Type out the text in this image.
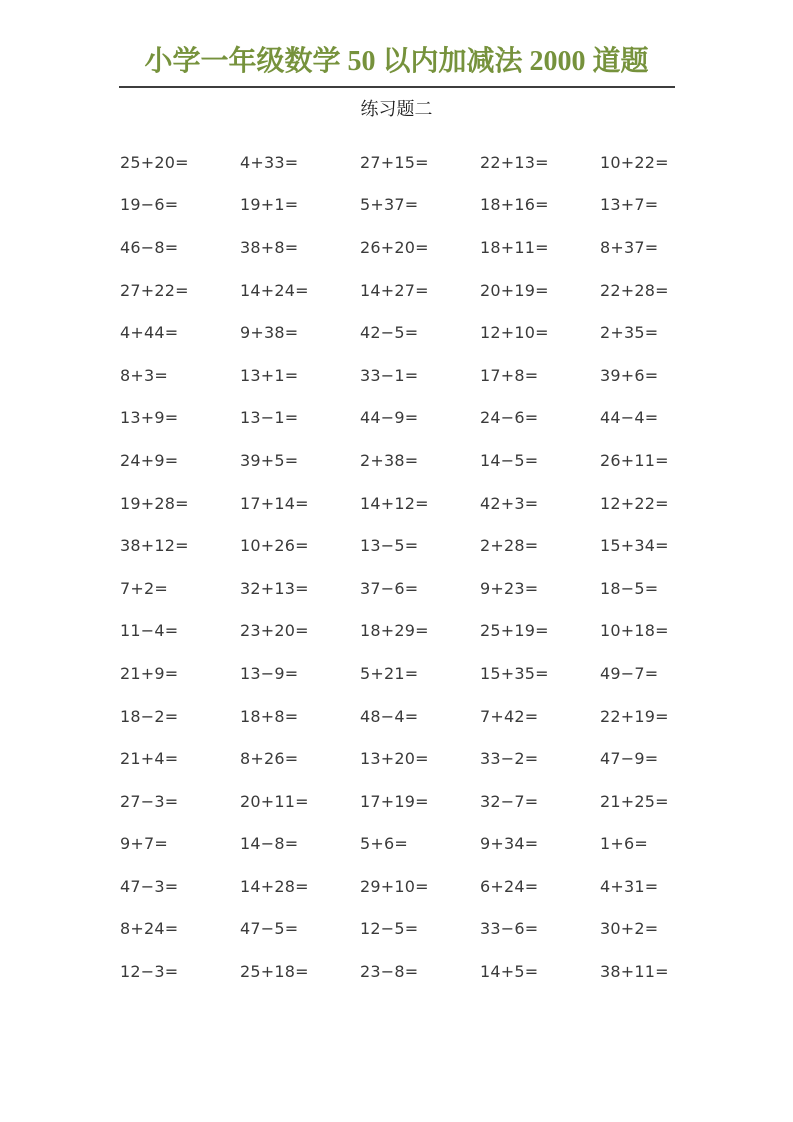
小学一年级数学 50 以内加减法 2000 道题
练习题二
25+20=	4+33=	27+15=	22+13=	10+22=
19−6=	19+1=	5+37=	18+16=	13+7=
46−8=	38+8=	26+20=	18+11=	8+37=
27+22=	14+24=	14+27=	20+19=	22+28=
4+44=	9+38=	42−5=	12+10=	2+35=
8+3=	13+1=	33−1=	17+8=	39+6=
13+9=	13−1=	44−9=	24−6=	44−4=
24+9=	39+5=	2+38=	14−5=	26+11=
19+28=	17+14=	14+12=	42+3=	12+22=
38+12=	10+26=	13−5=	2+28=	15+34=
7+2=	32+13=	37−6=	9+23=	18−5=
11−4=	23+20=	18+29=	25+19=	10+18=
21+9=	13−9=	5+21=	15+35=	49−7=
18−2=	18+8=	48−4=	7+42=	22+19=
21+4=	8+26=	13+20=	33−2=	47−9=
27−3=	20+11=	17+19=	32−7=	21+25=
9+7=	14−8=	5+6=	9+34=	1+6=
47−3=	14+28=	29+10=	6+24=	4+31=
8+24=	47−5=	12−5=	33−6=	30+2=
12−3=	25+18=	23−8=	14+5=	38+11=
